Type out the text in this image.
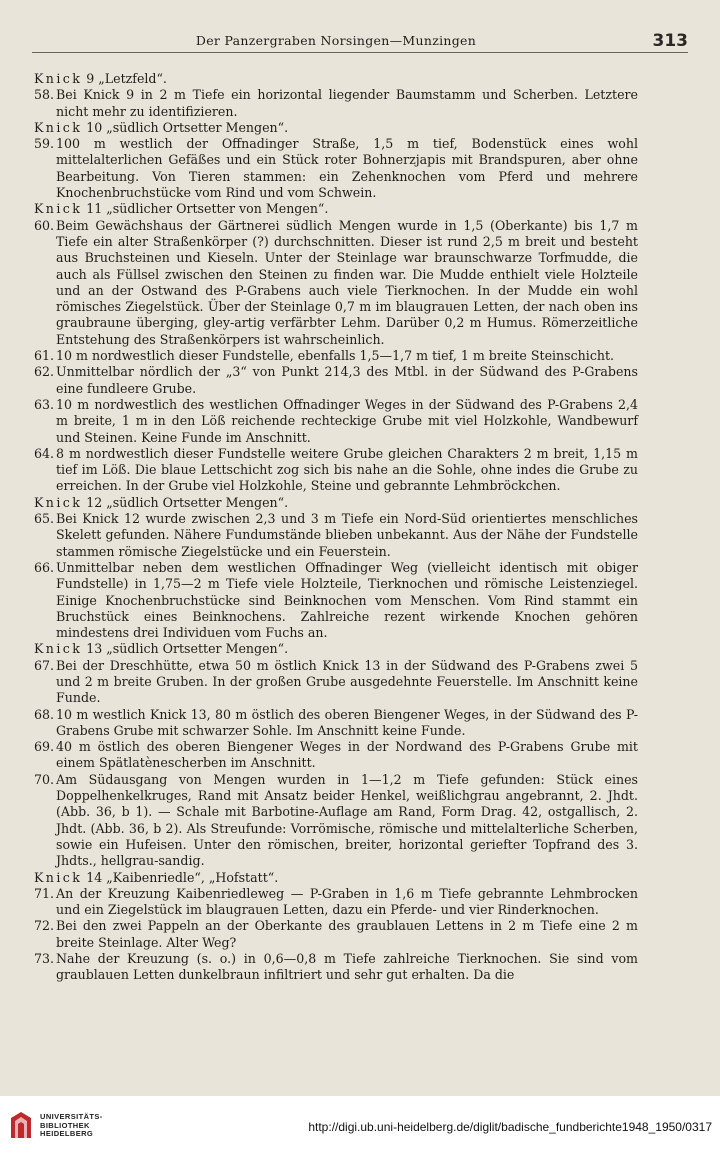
Der Panzergraben Norsingen—Munzingen	313

Knick 9 „Letzfeld“.

58. Bei Knick 9 in 2 m Tiefe ein horizontal liegender Baumstamm und Scherben. Letztere nicht mehr zu identifizieren.

Knick 10 „südlich Ortsetter Mengen“.

59. 100 m westlich der Offnadinger Straße, 1,5 m tief, Bodenstück eines wohl mittelalterlichen Gefäßes und ein Stück roter Bohnerzjapis mit Brandspuren, aber ohne Bearbeitung. Von Tieren stammen: ein Zehenknochen vom Pferd und mehrere Knochenbruchstücke vom Rind und vom Schwein.

Knick 11 „südlicher Ortsetter von Mengen“.

60. Beim Gewächshaus der Gärtnerei südlich Mengen wurde in 1,5 (Oberkante) bis 1,7 m Tiefe ein alter Straßenkörper (?) durchschnitten. Dieser ist rund 2,5 m breit und besteht aus Bruchsteinen und Kieseln. Unter der Steinlage war braunschwarze Torfmudde, die auch als Füllsel zwischen den Steinen zu finden war. Die Mudde enthielt viele Holzteile und an der Ostwand des P-Grabens auch viele Tierknochen. In der Mudde ein wohl römisches Ziegelstück. Über der Steinlage 0,7 m im blaugrauen Letten, der nach oben ins graubraune überging, gley-artig verfärbter Lehm. Darüber 0,2 m Humus. Römerzeitliche Entstehung des Straßenkörpers ist wahrscheinlich.

61. 10 m nordwestlich dieser Fundstelle, ebenfalls 1,5—1,7 m tief, 1 m breite Steinschicht.

62. Unmittelbar nördlich der „3“ von Punkt 214,3 des Mtbl. in der Südwand des P-Grabens eine fundleere Grube.

63. 10 m nordwestlich des westlichen Offnadinger Weges in der Südwand des P-Grabens 2,4 m breite, 1 m in den Löß reichende rechteckige Grube mit viel Holzkohle, Wandbewurf und Steinen. Keine Funde im Anschnitt.

64. 8 m nordwestlich dieser Fundstelle weitere Grube gleichen Charakters 2 m breit, 1,15 m tief im Löß. Die blaue Lettschicht zog sich bis nahe an die Sohle, ohne indes die Grube zu erreichen. In der Grube viel Holzkohle, Steine und gebrannte Lehmbröckchen.

Knick 12 „südlich Ortsetter Mengen“.

65. Bei Knick 12 wurde zwischen 2,3 und 3 m Tiefe ein Nord-Süd orientiertes menschliches Skelett gefunden. Nähere Fundumstände blieben unbekannt. Aus der Nähe der Fundstelle stammen römische Ziegelstücke und ein Feuerstein.

66. Unmittelbar neben dem westlichen Offnadinger Weg (vielleicht identisch mit obiger Fundstelle) in 1,75—2 m Tiefe viele Holzteile, Tierknochen und römische Leistenziegel. Einige Knochenbruchstücke sind Beinknochen vom Menschen. Vom Rind stammt ein Bruchstück eines Beinknochens. Zahlreiche rezent wirkende Knochen gehören mindestens drei Individuen vom Fuchs an.

Knick 13 „südlich Ortsetter Mengen“.

67. Bei der Dreschhütte, etwa 50 m östlich Knick 13 in der Südwand des P-Grabens zwei 5 und 2 m breite Gruben. In der großen Grube ausgedehnte Feuerstelle. Im Anschnitt keine Funde.

68. 10 m westlich Knick 13, 80 m östlich des oberen Biengener Weges, in der Südwand des P-Grabens Grube mit schwarzer Sohle. Im Anschnitt keine Funde.

69. 40 m östlich des oberen Biengener Weges in der Nordwand des P-Grabens Grube mit einem Spätlatènescherben im Anschnitt.

70. Am Südausgang von Mengen wurden in 1—1,2 m Tiefe gefunden: Stück eines Doppelhenkelkruges, Rand mit Ansatz beider Henkel, weißlichgrau angebrannt, 2. Jhdt. (Abb. 36, b 1). — Schale mit Barbotine-Auflage am Rand, Form Drag. 42, ostgallisch, 2. Jhdt. (Abb. 36, b 2). Als Streufunde: Vorrömische, römische und mittelalterliche Scherben, sowie ein Hufeisen. Unter den römischen, breiter, horizontal geriefter Topfrand des 3. Jhdts., hellgrau-sandig.

Knick 14 „Kaibenriedle“, „Hofstatt“.

71. An der Kreuzung Kaibenriedleweg — P-Graben in 1,6 m Tiefe gebrannte Lehmbrocken und ein Ziegelstück im blaugrauen Letten, dazu ein Pferde- und vier Rinderknochen.

72. Bei den zwei Pappeln an der Oberkante des graublauen Lettens in 2 m Tiefe eine 2 m breite Steinlage. Alter Weg?

73. Nahe der Kreuzung (s. o.) in 0,6—0,8 m Tiefe zahlreiche Tierknochen. Sie sind vom graublauen Letten dunkelbraun infiltriert und sehr gut erhalten. Da die

UNIVERSITÄTS-
BIBLIOTHEK
HEIDELBERG	http://digi.ub.uni-heidelberg.de/diglit/badische_fundberichte1948_1950/0317
